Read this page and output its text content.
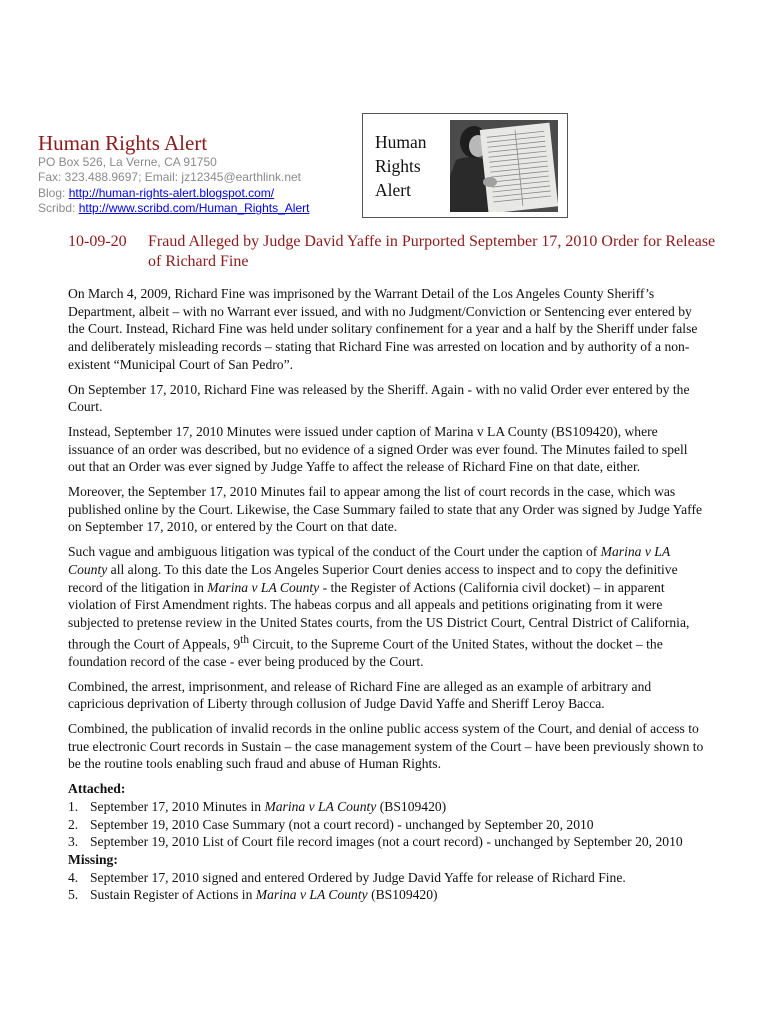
Human Rights Alert
PO Box 526, La Verne, CA 91750
Fax: 323.488.9697; Email: jz12345@earthlink.net
Blog: http://human-rights-alert.blogspot.com/
Scribd: http://www.scribd.com/Human_Rights_Alert
Human
Rights
Alert
10-09-20 Fraud Alleged by Judge David Yaffe in Purported September 17, 2010 Order for Release of Richard Fine

On March 4, 2009, Richard Fine was imprisoned by the Warrant Detail of the Los Angeles County Sheriff’s Department, albeit – with no Warrant ever issued, and with no Judgment/Conviction or Sentencing ever entered by the Court. Instead, Richard Fine was held under solitary confinement for a year and a half by the Sheriff under false and deliberately misleading records – stating that Richard Fine was arrested on location and by authority of a non-existent “Municipal Court of San Pedro”.

On September 17, 2010, Richard Fine was released by the Sheriff. Again - with no valid Order ever entered by the Court.

Instead, September 17, 2010 Minutes were issued under caption of Marina v LA County (BS109420), where issuance of an order was described, but no evidence of a signed Order was ever found. The Minutes failed to spell out that an Order was ever signed by Judge Yaffe to affect the release of Richard Fine on that date, either.

Moreover, the September 17, 2010 Minutes fail to appear among the list of court records in the case, which was published online by the Court. Likewise, the Case Summary failed to state that any Order was signed by Judge Yaffe on September 17, 2010, or entered by the Court on that date.

Such vague and ambiguous litigation was typical of the conduct of the Court under the caption of Marina v LA County all along. To this date the Los Angeles Superior Court denies access to inspect and to copy the definitive record of the litigation in Marina v LA County - the Register of Actions (California civil docket) – in apparent violation of First Amendment rights. The habeas corpus and all appeals and petitions originating from it were subjected to pretense review in the United States courts, from the US District Court, Central District of California, through the Court of Appeals, 9th Circuit, to the Supreme Court of the United States, without the docket – the foundation record of the case - ever being produced by the Court.

Combined, the arrest, imprisonment, and release of Richard Fine are alleged as an example of arbitrary and capricious deprivation of Liberty through collusion of Judge David Yaffe and Sheriff Leroy Bacca.

Combined, the publication of invalid records in the online public access system of the Court, and denial of access to true electronic Court records in Sustain – the case management system of the Court – have been previously shown to be the routine tools enabling such fraud and abuse of Human Rights.

Attached:
1. September 17, 2010 Minutes in Marina v LA County (BS109420)
2. September 19, 2010 Case Summary (not a court record) - unchanged by September 20, 2010
3. September 19, 2010 List of Court file record images (not a court record) - unchanged by September 20, 2010
Missing:
4. September 17, 2010 signed and entered Ordered by Judge David Yaffe for release of Richard Fine.
5. Sustain Register of Actions in Marina v LA County (BS109420)
